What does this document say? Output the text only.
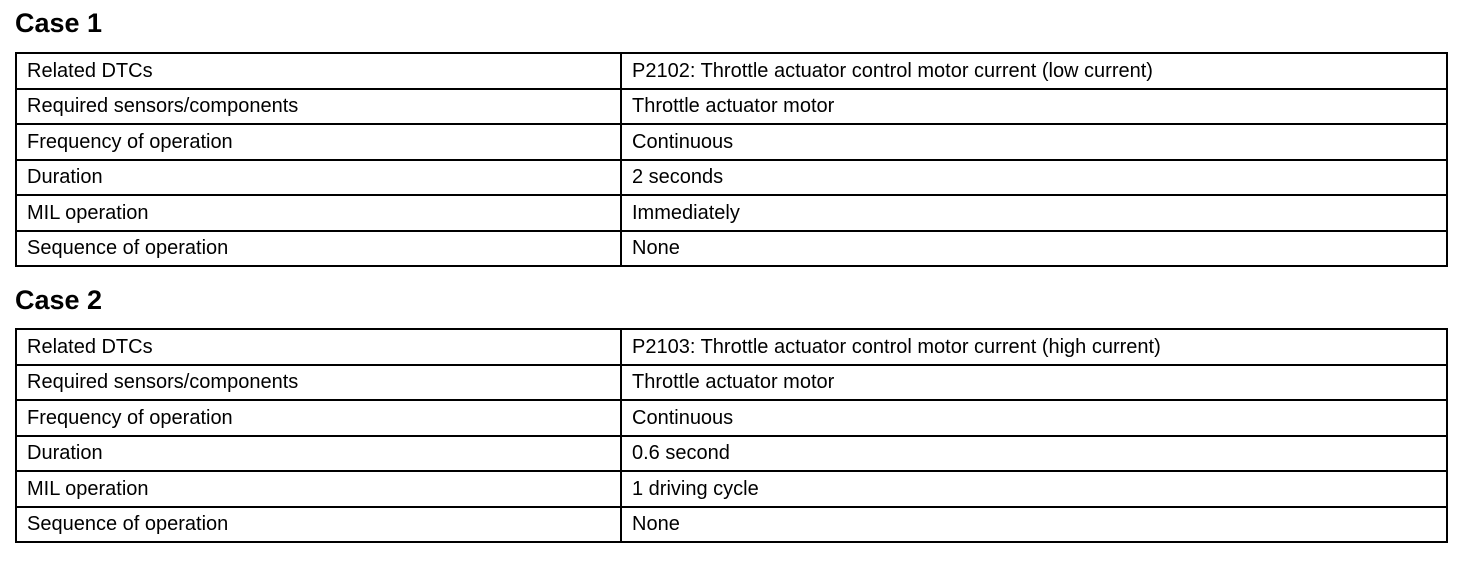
Case 1
Related DTCs	P2102: Throttle actuator control motor current (low current)
Required sensors/components	Throttle actuator motor
Frequency of operation	Continuous
Duration	2 seconds
MIL operation	Immediately
Sequence of operation	None
Case 2
Related DTCs	P2103: Throttle actuator control motor current (high current)
Required sensors/components	Throttle actuator motor
Frequency of operation	Continuous
Duration	0.6 second
MIL operation	1 driving cycle
Sequence of operation	None
